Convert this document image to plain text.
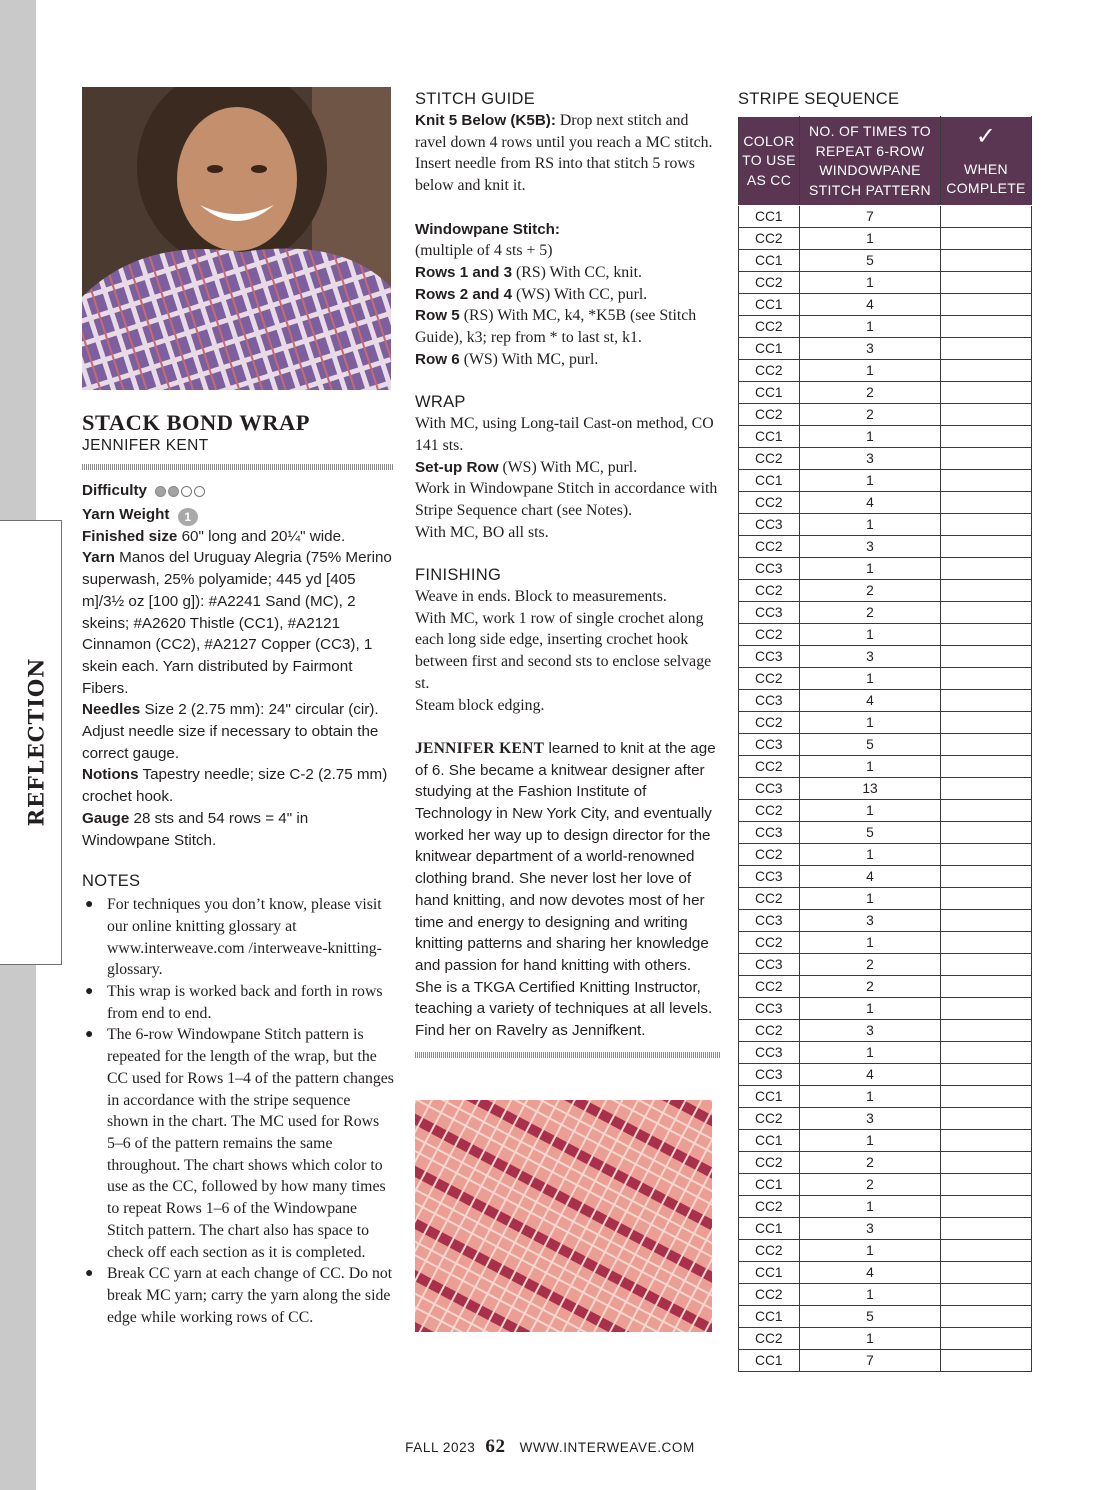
REFLECTION
STACK BOND WRAP
JENNIFER KENT
Difficulty
Yarn Weight 1
Finished size 60" long and 20¼" wide.
Yarn Manos del Uruguay Alegria (75% Merino superwash, 25% polyamide; 445 yd [405 m]/3½ oz [100 g]): #A2241 Sand (MC), 2 skeins; #A2620 Thistle (CC1), #A2121 Cinnamon (CC2), #A2127 Copper (CC3), 1 skein each. Yarn distributed by Fairmont Fibers.
Needles Size 2 (2.75 mm): 24" circular (cir). Adjust needle size if necessary to obtain the correct gauge.
Notions Tapestry needle; size C-2 (2.75 mm) crochet hook.
Gauge 28 sts and 54 rows = 4" in Windowpane Stitch.
NOTES
● For techniques you don’t know, please visit our online knitting glossary at www.interweave.com /interweave-knitting-glossary.
● This wrap is worked back and forth in rows from end to end.
● The 6-row Windowpane Stitch pattern is repeated for the length of the wrap, but the CC used for Rows 1–4 of the pattern changes in accordance with the stripe sequence shown in the chart. The MC used for Rows 5–6 of the pattern remains the same throughout. The chart shows which color to use as the CC, followed by how many times to repeat Rows 1–6 of the Windowpane Stitch pattern. The chart also has space to check off each section as it is completed.
● Break CC yarn at each change of CC. Do not break MC yarn; carry the yarn along the side edge while working rows of CC.
STITCH GUIDE
Knit 5 Below (K5B): Drop next stitch and ravel down 4 rows until you reach a MC stitch. Insert needle from RS into that stitch 5 rows below and knit it.
Windowpane Stitch:
(multiple of 4 sts + 5)
Rows 1 and 3 (RS) With CC, knit.
Rows 2 and 4 (WS) With CC, purl.
Row 5 (RS) With MC, k4, *K5B (see Stitch Guide), k3; rep from * to last st, k1.
Row 6 (WS) With MC, purl.
WRAP
With MC, using Long-tail Cast-on method, CO 141 sts.
Set-up Row (WS) With MC, purl.
Work in Windowpane Stitch in accordance with Stripe Sequence chart (see Notes).
With MC, BO all sts.
FINISHING
Weave in ends. Block to measurements.
With MC, work 1 row of single crochet along each long side edge, inserting crochet hook between first and second sts to enclose selvage st.
Steam block edging.
JENNIFER KENT learned to knit at the age of 6. She became a knitwear designer after studying at the Fashion Institute of Technology in New York City, and eventually worked her way up to design director for the knitwear department of a world-renowned clothing brand. She never lost her love of hand knitting, and now devotes most of her time and energy to designing and writing knitting patterns and sharing her knowledge and passion for hand knitting with others. She is a TKGA Certified Knitting Instructor, teaching a variety of techniques at all levels. Find her on Ravelry as Jennifkent.
STRIPE SEQUENCE
COLOR TO USE AS CC	NO. OF TIMES TO REPEAT 6-ROW WINDOWPANE STITCH PATTERN	✓
WHEN COMPLETE
CC1	7	
CC2	1	
CC1	5	
CC2	1	
CC1	4	
CC2	1	
CC1	3	
CC2	1	
CC1	2	
CC2	2	
CC1	1	
CC2	3	
CC1	1	
CC2	4	
CC3	1	
CC2	3	
CC3	1	
CC2	2	
CC3	2	
CC2	1	
CC3	3	
CC2	1	
CC3	4	
CC2	1	
CC3	5	
CC2	1	
CC3	13	
CC2	1	
CC3	5	
CC2	1	
CC3	4	
CC2	1	
CC3	3	
CC2	1	
CC3	2	
CC2	2	
CC3	1	
CC2	3	
CC3	1	
CC3	4	
CC1	1	
CC2	3	
CC1	1	
CC2	2	
CC1	2	
CC2	1	
CC1	3	
CC2	1	
CC1	4	
CC2	1	
CC1	5	
CC2	1	
CC1	7	
FALL 2023 62 WWW.INTERWEAVE.COM
